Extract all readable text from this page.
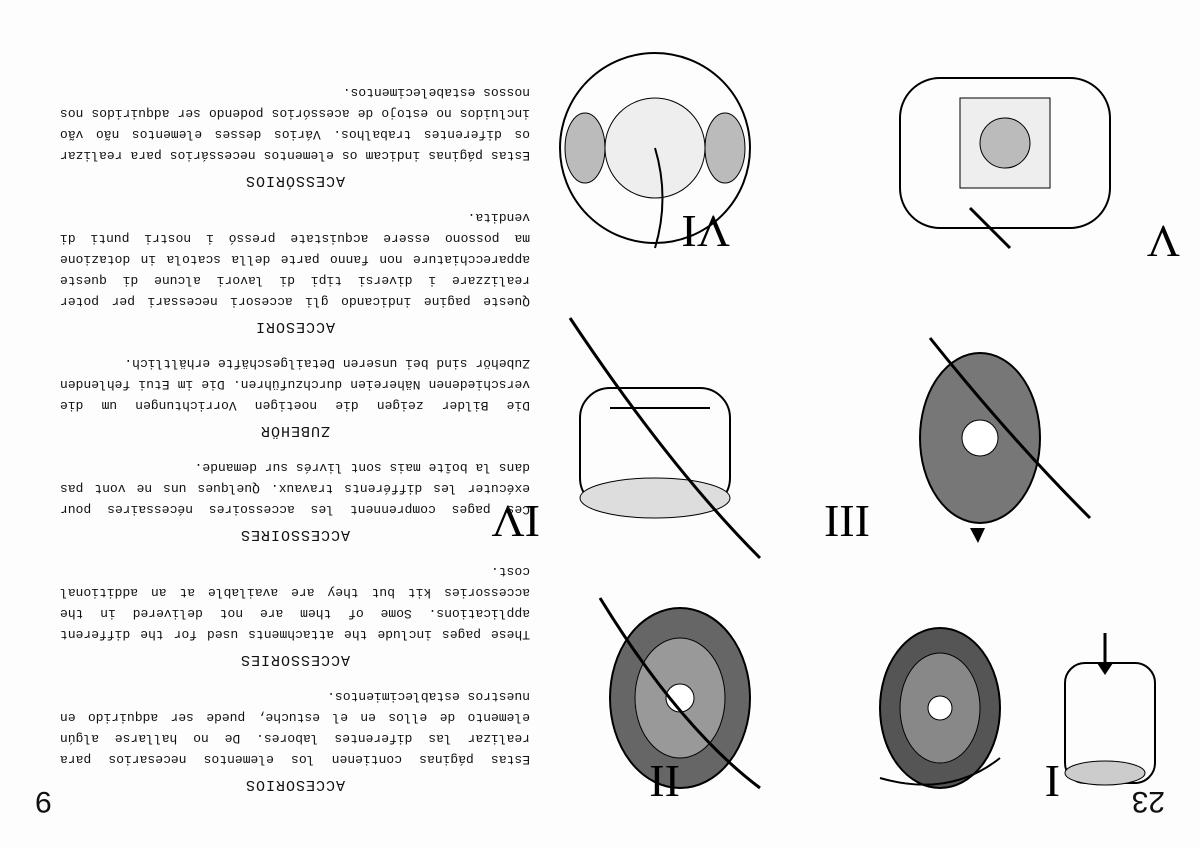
23
9	I
II
III
IV
V
VI
ACCESORIOS
Estas páginas contienen los elementos necesarios para realizar las diferentes labores. De no hallarse algún elemento de ellos en el estuche, puede ser adquirido en nuestros establecimientos.
ACCESSORIES
These pages include the attachments used for the different applications. Some of them are not delivered in the accessories kit but they are available at an additional cost.
ACCESSOIRES
Ces pages comprennent les accessoires nécessaires pour exécuter les différents travaux. Quelques uns ne vont pas dans la boîte mais sont livrés sur demande.
ZUBEHÖR
Die Bilder zeigen die noetigen Vorrichtungen um die verschiedenen Nähereien durchzuführen. Die im Etui fehlenden Zubehör sind bei unseren Detailgeschäfte erhältlich.
ACCESORI
Queste pagine indicando gli accesori necessari per poter realizzare i diversi tipi di lavori alcune di queste apparecchiature non fanno parte della scatola in dotazione ma possono essere acquistate pressó i nostri punti di vendita.
ACESSÓRIOS
Estas páginas indicam os elementos necessários para realizar os diferentes trabalhos. Vários desses elementos não vão incluidos no estojo de acessórios podendo ser adquiridos nos nossos estabelecimentos.
